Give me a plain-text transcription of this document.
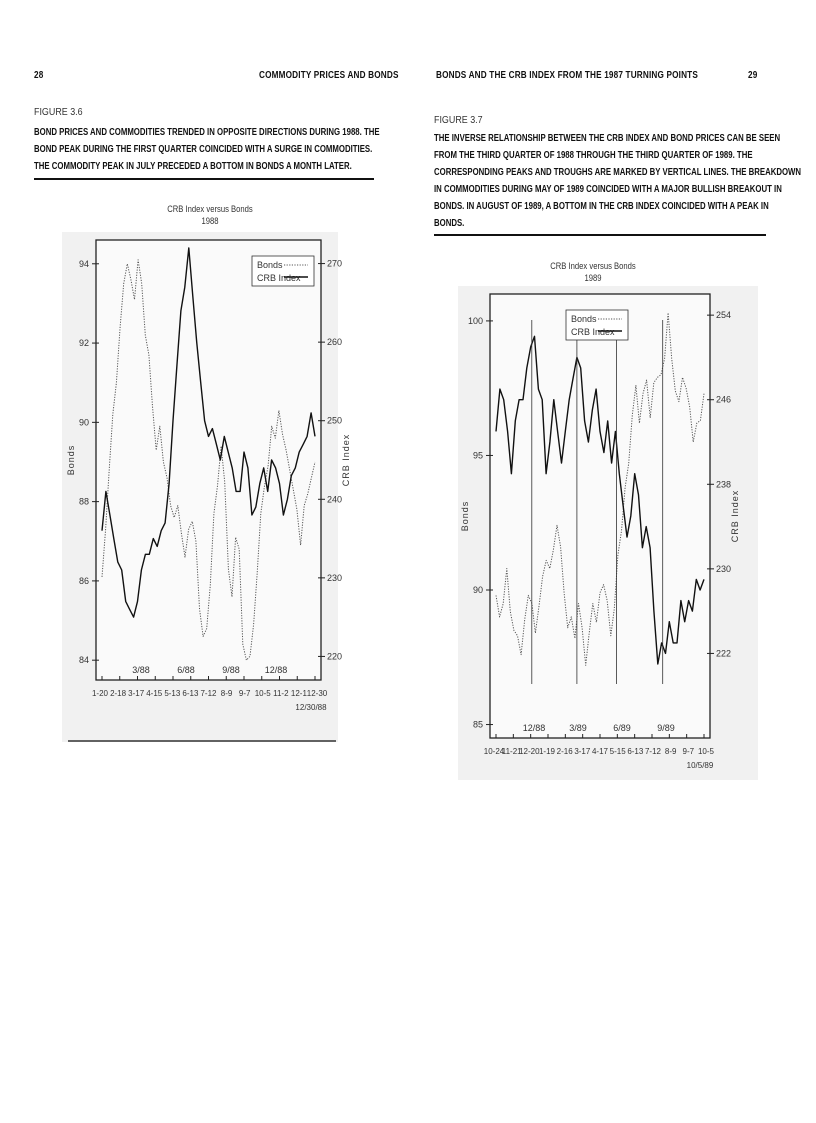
28	COMMODITY PRICES AND BONDS
FIGURE 3.6
BOND PRICES AND COMMODITIES TRENDED IN OPPOSITE DIRECTIONS DURING 1988. THE
BOND PEAK DURING THE FIRST QUARTER COINCIDED WITH A SURGE IN COMMODITIES.
THE COMMODITY PEAK IN JULY PRECEDED A BOTTOM IN BONDS A MONTH LATER.
CRB Index versus Bonds
1988
84
86
88
90
92
94
220
230
240
250
260
270
Bonds	CRB Index
3/88	6/88	9/88	12/88
1-20 2-18 3-17 4-15 5-13 6-13 7-12 8-9 9-7 10-5 11-2 12-1 12-30
12/30/88
Bonds
CRB Index
BONDS AND THE CRB INDEX FROM THE 1987 TURNING POINTS	29
FIGURE 3.7
THE INVERSE RELATIONSHIP BETWEEN THE CRB INDEX AND BOND PRICES CAN BE SEEN
FROM THE THIRD QUARTER OF 1988 THROUGH THE THIRD QUARTER OF 1989. THE
CORRESPONDING PEAKS AND TROUGHS ARE MARKED BY VERTICAL LINES. THE BREAKDOWN
IN COMMODITIES DURING MAY OF 1989 COINCIDED WITH A MAJOR BULLISH BREAKOUT IN
BONDS. IN AUGUST OF 1989, A BOTTOM IN THE CRB INDEX COINCIDED WITH A PEAK IN
BONDS.
CRB Index versus Bonds
1989
85
90
95
100
222
230
238
246
254
Bonds	CRB Index
12/88	3/89	6/89	9/89
10-24
11-21
12-20 1-19 2-16 3-17 4-17 5-15 6-13 7-12 8-9 9-7 10-5
10/5/89
Bonds
CRB Index
